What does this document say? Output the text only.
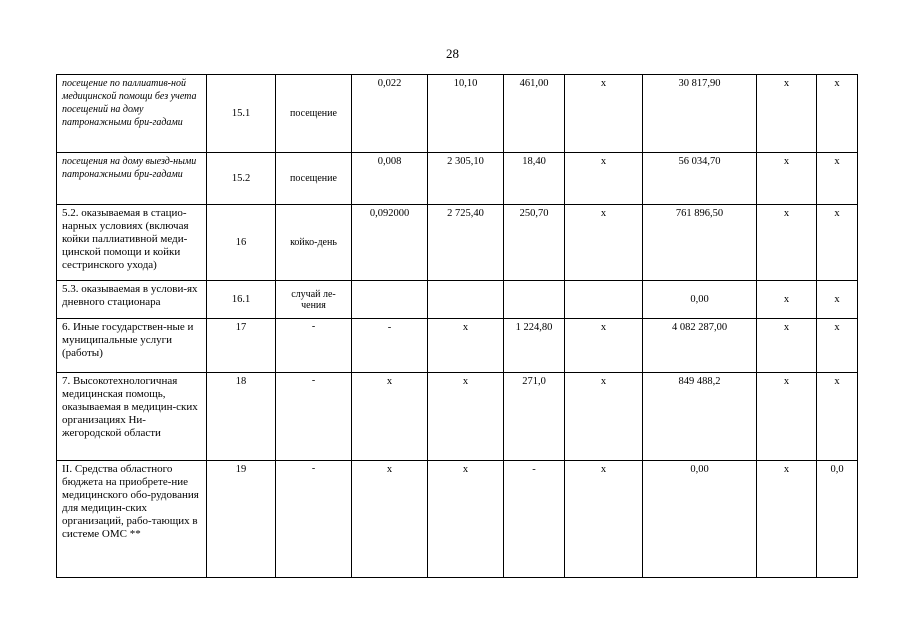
28
посещение по паллиатив-ной медицинской помощи без учета посещений на дому патронажными бри-гадами	15.1	посещение	0,022	10,10	461,00	х	30 817,90	х	х
посещения на дому выезд-ными патронажными бри-гадами	15.2	посещение	0,008	2 305,10	18,40	х	56 034,70	х	х
5.2. оказываемая в стацио-нарных условиях (включая койки паллиативной меди-цинской помощи и койки сестринского ухода)	16	койко-день	0,092000	2 725,40	250,70	х	761 896,50	х	х
5.3. оказываемая в услови-ях дневного стационара	16.1	случай ле-чения					0,00	х	х
6. Иные государствен-ные и муниципальные услуги (работы)	17	-	-	х	1 224,80	х	4 082 287,00	х	х
7. Высокотехнологичная медицинская помощь, оказываемая в медицин-ских организациях Ни-жегородской области	18	-	х	х	271,0	х	849 488,2	х	х
II. Средства областного бюджета на приобрете-ние медицинского обо-рудования для медицин-ских организаций, рабо-тающих в системе ОМС **	19	-	х	х	-	х	0,00	х	0,0
